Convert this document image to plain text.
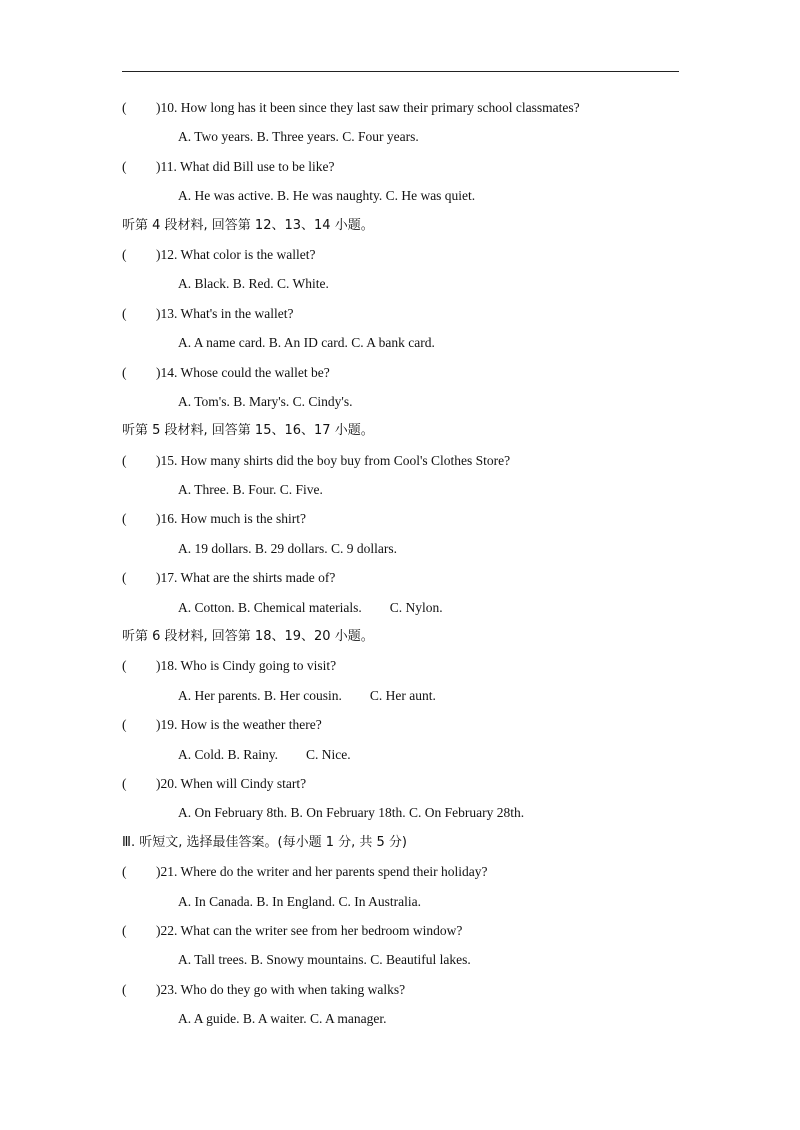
( )10. How long has it been since they last saw their primary school classmates?
A. Two years. B. Three years. C. Four years.
( )11. What did Bill use to be like?
A. He was active. B. He was naughty. C. He was quiet.
听第 4 段材料, 回答第 12、13、14 小题。
( )12. What color is the wallet?
A. Black. B. Red. C. White.
( )13. What's in the wallet?
A. A name card. B. An ID card. C. A bank card.
( )14. Whose could the wallet be?
A. Tom's. B. Mary's. C. Cindy's.
听第 5 段材料, 回答第 15、16、17 小题。
( )15. How many shirts did the boy buy from Cool's Clothes Store?
A. Three. B. Four. C. Five.
( )16. How much is the shirt?
A. 19 dollars. B. 29 dollars. C. 9 dollars.
( )17. What are the shirts made of?
A. Cotton. B. Chemical materials. C. Nylon.
听第 6 段材料, 回答第 18、19、20 小题。
( )18. Who is Cindy going to visit?
A. Her parents. B. Her cousin. C. Her aunt.
( )19. How is the weather there?
A. Cold. B. Rainy. C. Nice.
( )20. When will Cindy start?
A. On February 8th. B. On February 18th. C. On February 28th.
Ⅲ. 听短文, 选择最佳答案。(每小题 1 分, 共 5 分)
( )21. Where do the writer and her parents spend their holiday?
A. In Canada. B. In England. C. In Australia.
( )22. What can the writer see from her bedroom window?
A. Tall trees. B. Snowy mountains. C. Beautiful lakes.
( )23. Who do they go with when taking walks?
A. A guide. B. A waiter. C. A manager.
